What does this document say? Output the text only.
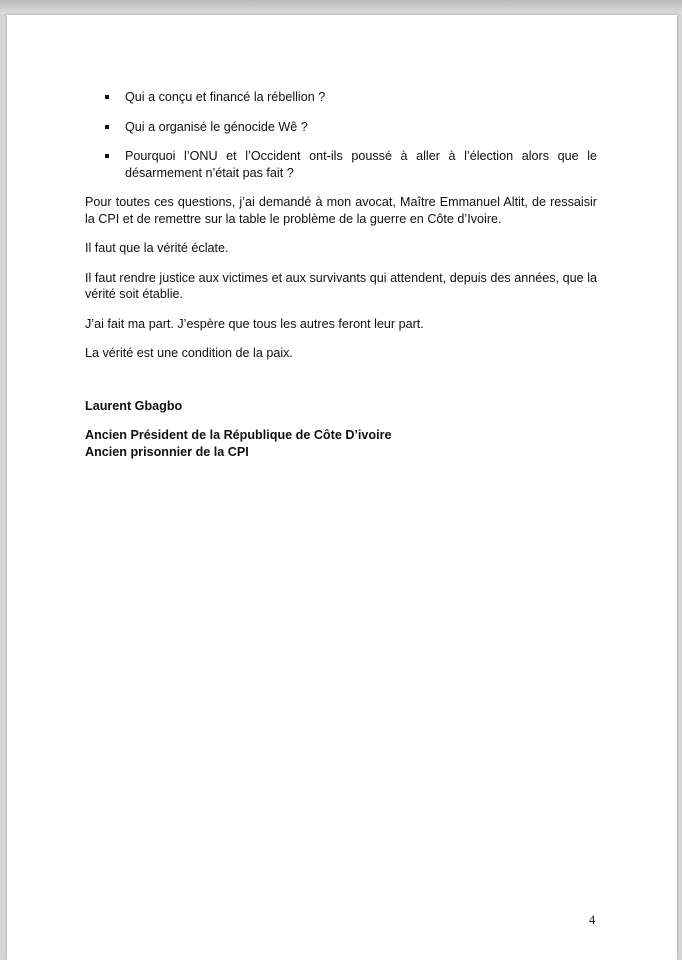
Qui a conçu et financé la rébellion ?
Qui a organisé le génocide Wê ?
Pourquoi l’ONU et l’Occident ont-ils poussé à aller à l’élection alors que le désarmement n’était pas fait ?

Pour toutes ces questions, j’ai demandé à mon avocat, Maître Emmanuel Altit, de ressaisir la CPI et de remettre sur la table le problème de la guerre en Côte d’Ivoire.

Il faut que la vérité éclate.

Il faut rendre justice aux victimes et aux survivants qui attendent, depuis des années, que la vérité soit établie.

J’ai fait ma part. J’espère que tous les autres feront leur part.

La vérité est une condition de la paix.

Laurent Gbagbo
Ancien Président de la République de Côte D’ivoire
Ancien prisonnier de la CPI
4
